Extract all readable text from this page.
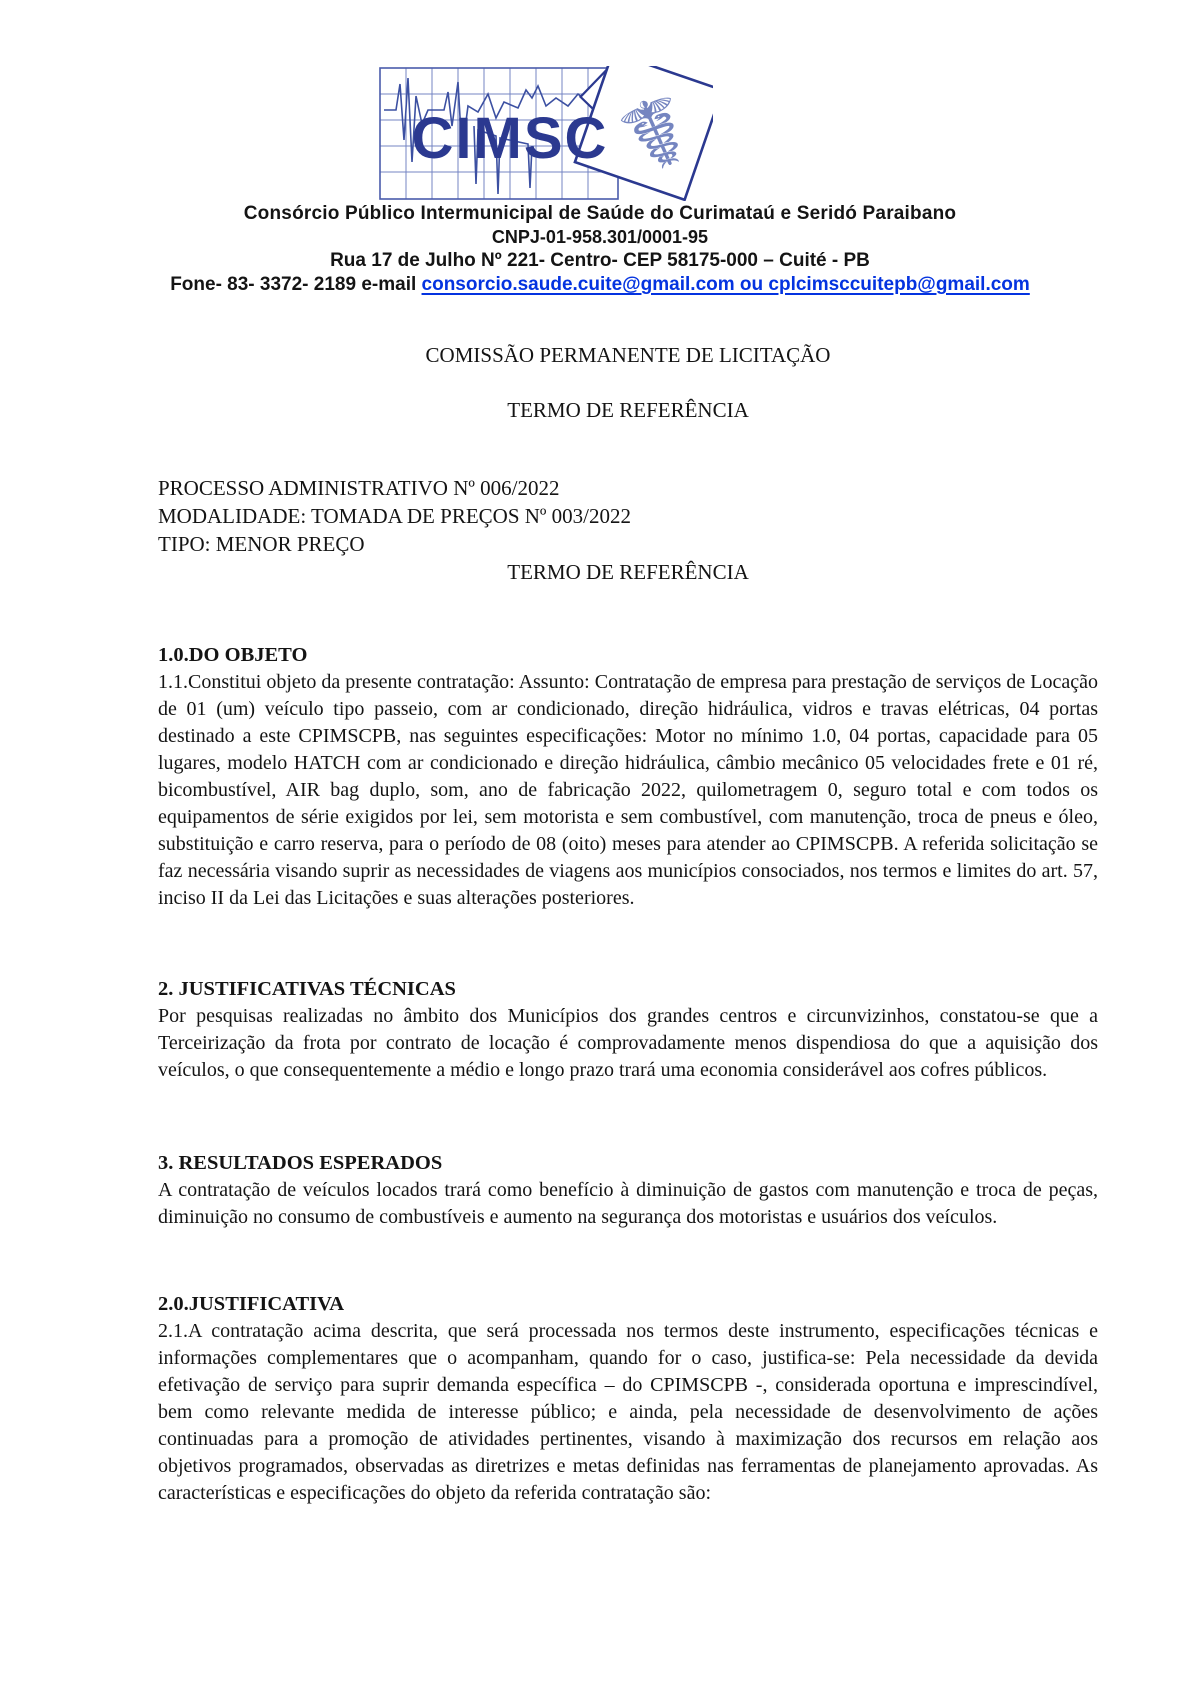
CIMSC
☤
Consórcio Público Intermunicipal de Saúde do Curimataú e Seridó Paraibano
CNPJ-01-958.301/0001-95
Rua 17 de Julho Nº 221- Centro- CEP 58175-000 – Cuité - PB
Fone- 83- 3372- 2189 e-mail consorcio.saude.cuite@gmail.com ou cplcimsccuitepb@gmail.com

COMISSÃO PERMANENTE DE LICITAÇÃO

TERMO DE REFERÊNCIA

PROCESSO ADMINISTRATIVO Nº 006/2022

MODALIDADE: TOMADA DE PREÇOS Nº 003/2022

TIPO: MENOR PREÇO

TERMO DE REFERÊNCIA

1.0.DO OBJETO

1.1.Constitui objeto da presente contratação: Assunto: Contratação de empresa para prestação de serviços de Locação de 01 (um) veículo tipo passeio, com ar condicionado, direção hidráulica, vidros e travas elétricas, 04 portas destinado a este CPIMSCPB, nas seguintes especificações: Motor no mínimo 1.0, 04 portas, capacidade para 05 lugares, modelo HATCH com ar condicionado e direção hidráulica, câmbio mecânico 05 velocidades frete e 01 ré, bicombustível, AIR bag duplo, som, ano de fabricação 2022, quilometragem 0, seguro total e com todos os equipamentos de série exigidos por lei, sem motorista e sem combustível, com manutenção, troca de pneus e óleo, substituição e carro reserva, para o período de 08 (oito) meses para atender ao CPIMSCPB. A referida solicitação se faz necessária visando suprir as necessidades de viagens aos municípios consociados, nos termos e limites do art. 57, inciso II da Lei das Licitações e suas alterações posteriores.

2. JUSTIFICATIVAS TÉCNICAS

Por pesquisas realizadas no âmbito dos Municípios dos grandes centros e circunvizinhos, constatou-se que a Terceirização da frota por contrato de locação é comprovadamente menos dispendiosa do que a aquisição dos veículos, o que consequentemente a médio e longo prazo trará uma economia considerável aos cofres públicos.

3. RESULTADOS ESPERADOS

A contratação de veículos locados trará como benefício à diminuição de gastos com manutenção e troca de peças, diminuição no consumo de combustíveis e aumento na segurança dos motoristas e usuários dos veículos.

2.0.JUSTIFICATIVA

2.1.A contratação acima descrita, que será processada nos termos deste instrumento, especificações técnicas e informações complementares que o acompanham, quando for o caso, justifica-se: Pela necessidade da devida efetivação de serviço para suprir demanda específica – do CPIMSCPB -, considerada oportuna e imprescindível, bem como relevante medida de interesse público; e ainda, pela necessidade de desenvolvimento de ações continuadas para a promoção de atividades pertinentes, visando à maximização dos recursos em relação aos objetivos programados, observadas as diretrizes e metas definidas nas ferramentas de planejamento aprovadas. As características e especificações do objeto da referida contratação são:
